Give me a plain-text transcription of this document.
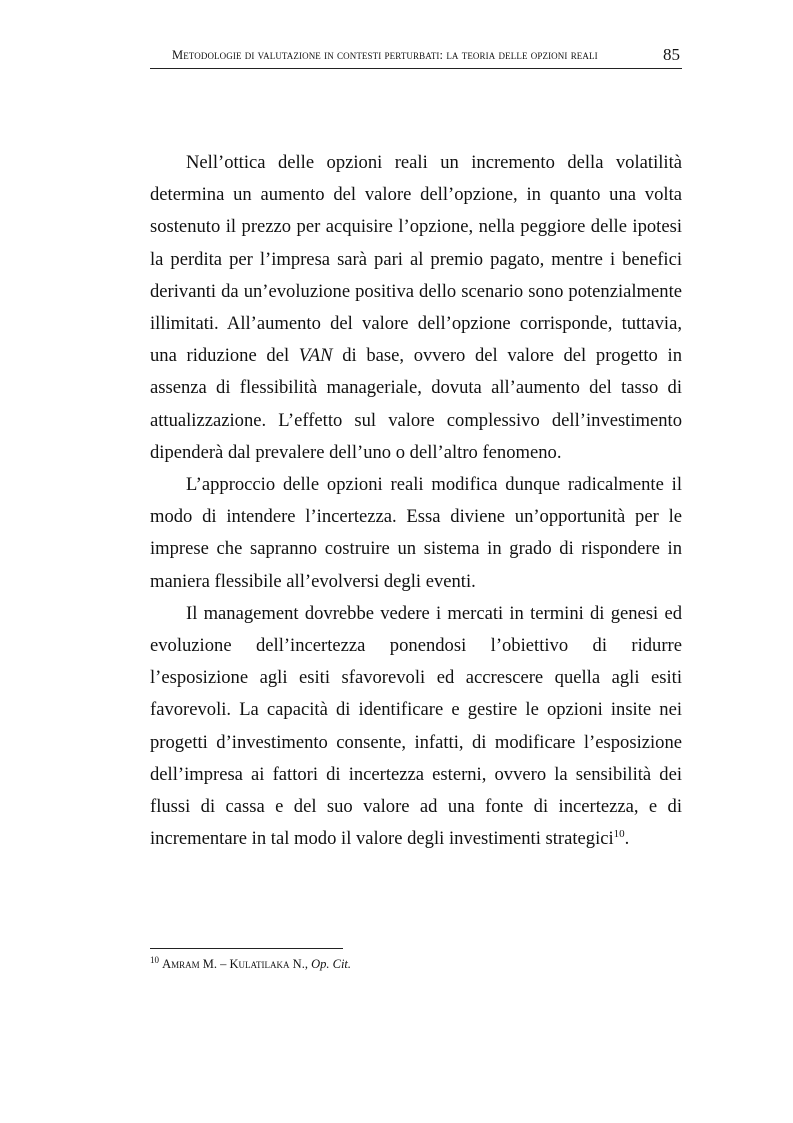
Metodologie di valutazione in contesti perturbati: la teoria delle opzioni reali	85

Nell’ottica delle opzioni reali un incremento della volatilità determina un aumento del valore dell’opzione, in quanto una volta sostenuto il prezzo per acquisire l’opzione, nella peggiore delle ipotesi la perdita per l’impresa sarà pari al premio pagato, mentre i benefici derivanti da un’evoluzione positiva dello scenario sono potenzialmente illimitati. All’aumento del valore dell’opzione corrisponde, tuttavia, una riduzione del VAN di base, ovvero del valore del progetto in assenza di flessibilità manageriale, dovuta all’aumento del tasso di attualizzazione. L’effetto sul valore complessivo dell’investimento dipenderà dal prevalere dell’uno o dell’altro fenomeno.

L’approccio delle opzioni reali modifica dunque radicalmente il modo di intendere l’incertezza. Essa diviene un’opportunità per le imprese che sapranno costruire un sistema in grado di rispondere in maniera flessibile all’evolversi degli eventi.

Il management dovrebbe vedere i mercati in termini di genesi ed evoluzione dell’incertezza ponendosi l’obiettivo di ridurre l’esposizione agli esiti sfavorevoli ed accrescere quella agli esiti favorevoli. La capacità di identificare e gestire le opzioni insite nei progetti d’investimento consente, infatti, di modificare l’esposizione dell’impresa ai fattori di incertezza esterni, ovvero la sensibilità dei flussi di cassa e del suo valore ad una fonte di incertezza, e di incrementare in tal modo il valore degli investimenti strategici$^{10}$.

$^{10}$ Amram M. – Kulatilaka N., Op. Cit.
